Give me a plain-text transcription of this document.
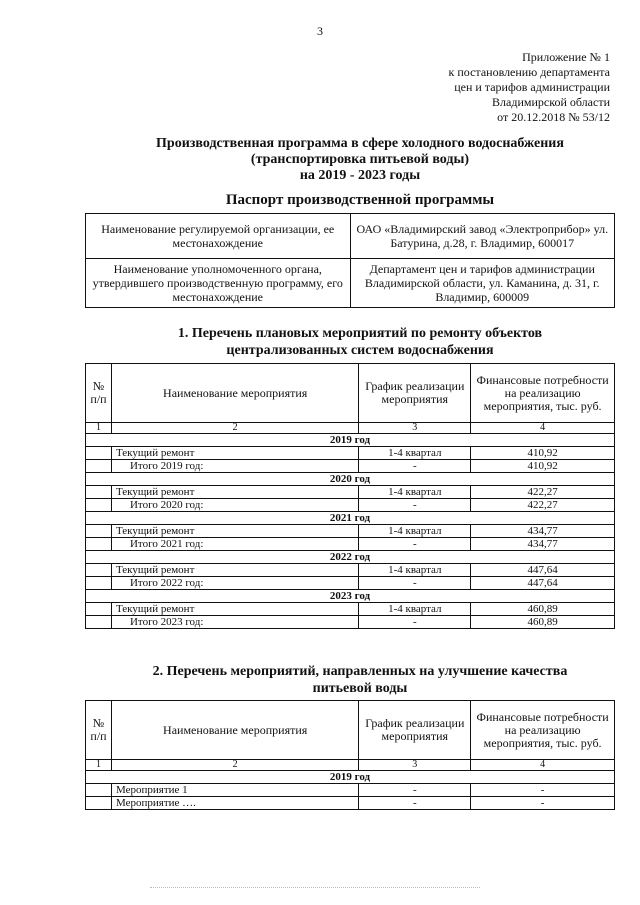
3
Приложение № 1
к постановлению департамента
цен и тарифов администрации
Владимирской области
от 20.12.2018 № 53/12
Производственная программа в сфере холодного водоснабжения
(транспортировка питьевой воды)
на 2019 - 2023 годы
Паспорт производственной программы
Наименование регулируемой организации, ее местонахождение	ОАО «Владимирский завод «Электроприбор» ул. Батурина, д.28, г. Владимир, 600017
Наименование уполномоченного органа, утвердившего производственную программу, его местонахождение	Департамент цен и тарифов администрации Владимирской области, ул. Каманина, д. 31, г. Владимир, 600009
1. Перечень плановых мероприятий по ремонту объектов
централизованных систем водоснабжения
№ п/п	Наименование мероприятия	График реализации мероприятия	Финансовые потребности на реализацию мероприятия, тыс. руб.
1	2	3	4
2019 год			
	Текущий ремонт	1-4 квартал	410,92
	Итого 2019 год:	-	410,92
2020 год			
	Текущий ремонт	1-4 квартал	422,27
	Итого 2020 год:	-	422,27
2021 год			
	Текущий ремонт	1-4 квартал	434,77
	Итого 2021 год:	-	434,77
2022 год			
	Текущий ремонт	1-4 квартал	447,64
	Итого 2022 год:	-	447,64
2023 год			
	Текущий ремонт	1-4 квартал	460,89
	Итого 2023 год:	-	460,89
2. Перечень мероприятий, направленных на улучшение качества
питьевой воды
№ п/п	Наименование мероприятия	График реализации мероприятия	Финансовые потребности на реализацию мероприятия, тыс. руб.
1	2	3	4
2019 год			
	Мероприятие 1	-	-
	Мероприятие ….	-	-
